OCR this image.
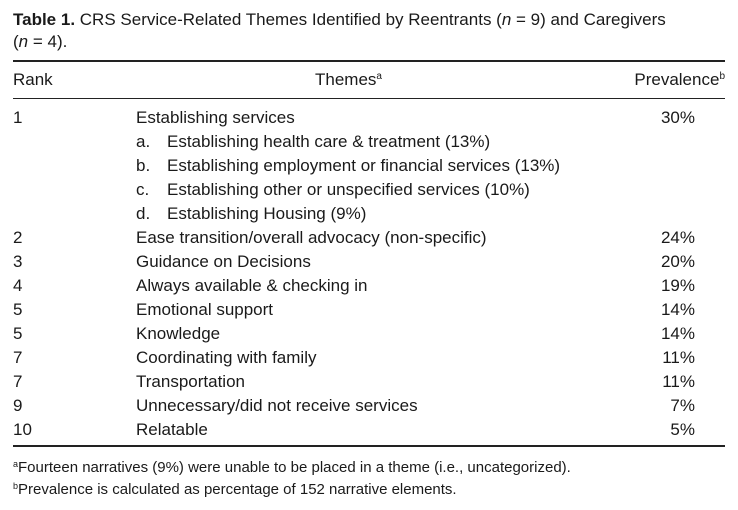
Table 1. CRS Service-Related Themes Identified by Reentrants (n = 9) and Caregivers
(n = 4).
Rank	Themes$^a$	Prevalence$^b$
1	Establishing services	30%
a. Establishing health care & treatment (13%)
b. Establishing employment or financial services (13%)
c. Establishing other or unspecified services (10%)
d. Establishing Housing (9%)
2	Ease transition/overall advocacy (non-specific)	24%
3	Guidance on Decisions	20%
4	Always available & checking in	19%
5	Emotional support	14%
5	Knowledge	14%
7	Coordinating with family	11%
7	Transportation	11%
9	Unnecessary/did not receive services	7%
10	Relatable	5%
$^a$Fourteen narratives (9%) were unable to be placed in a theme (i.e., uncategorized).
$^b$Prevalence is calculated as percentage of 152 narrative elements.
